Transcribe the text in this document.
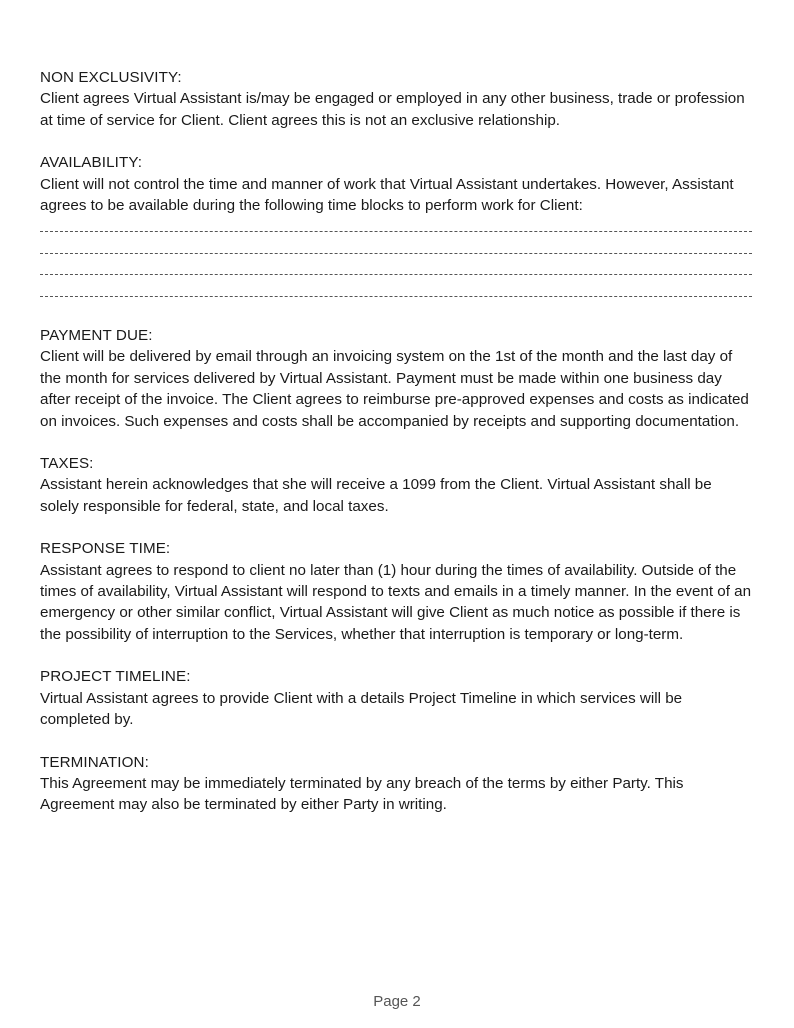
NON EXCLUSIVITY:

Client agrees Virtual Assistant is/may be engaged or employed in any other business, trade or profession at time of service for Client. Client agrees this is not an exclusive relationship.

AVAILABILITY:

Client will not control the time and manner of work that Virtual Assistant undertakes. However, Assistant agrees to be available during the following time blocks to perform work for Client:

PAYMENT DUE:

Client will be delivered by email through an invoicing system on the 1st of the month and the last day of the month for services delivered by Virtual Assistant. Payment must be made within one business day after receipt of the invoice. The Client agrees to reimburse pre-approved expenses and costs as indicated on invoices. Such expenses and costs shall be accompanied by receipts and supporting documentation.

TAXES:

Assistant herein acknowledges that she will receive a 1099 from the Client. Virtual Assistant shall be solely responsible for federal, state, and local taxes.

RESPONSE TIME:

Assistant agrees to respond to client no later than (1) hour during the times of availability. Outside of the times of availability, Virtual Assistant will respond to texts and emails in a timely manner. In the event of an emergency or other similar conflict, Virtual Assistant will give Client as much notice as possible if there is the possibility of interruption to the Services, whether that interruption is temporary or long-term.

PROJECT TIMELINE:

Virtual Assistant agrees to provide Client with a details Project Timeline in which services will be completed by.

TERMINATION:

This Agreement may be immediately terminated by any breach of the terms by either Party. This Agreement may also be terminated by either Party in writing.

Page 2
